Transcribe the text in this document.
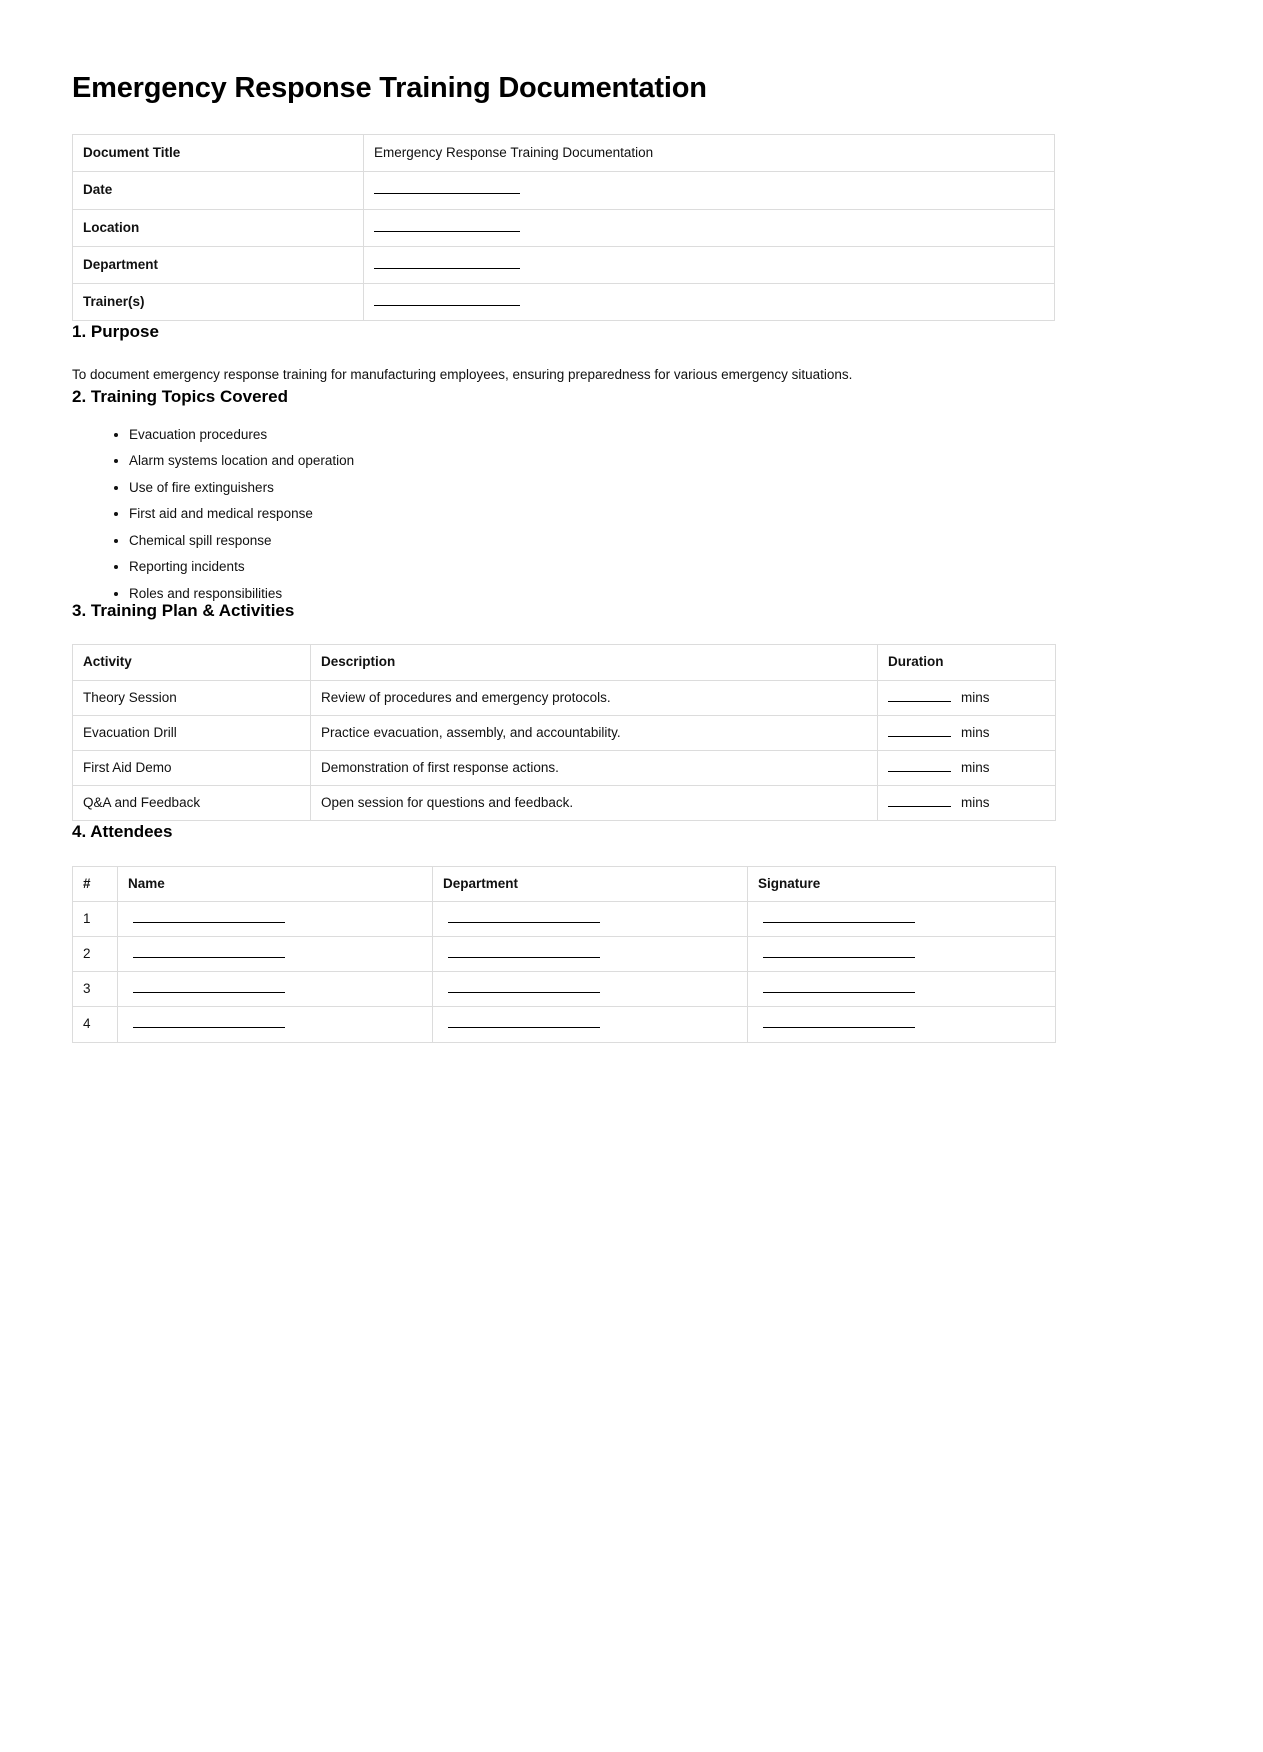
Emergency Response Training Documentation
Document Title	Emergency Response Training Documentation
Date	
Location	
Department	
Trainer(s)	
1. Purpose

To document emergency response training for manufacturing employees, ensuring preparedness for various emergency situations.

2. Training Topics Covered
• Evacuation procedures
• Alarm systems location and operation
• Use of fire extinguishers
• First aid and medical response
• Chemical spill response
• Reporting incidents
• Roles and responsibilities
3. Training Plan & Activities
Activity	Description	Duration
Theory Session	Review of procedures and emergency protocols.	mins
Evacuation Drill	Practice evacuation, assembly, and accountability.	mins
First Aid Demo	Demonstration of first response actions.	mins
Q&A and Feedback	Open session for questions and feedback.	mins
4. Attendees
#	Name	Department	Signature
1			
2			
3			
4			
